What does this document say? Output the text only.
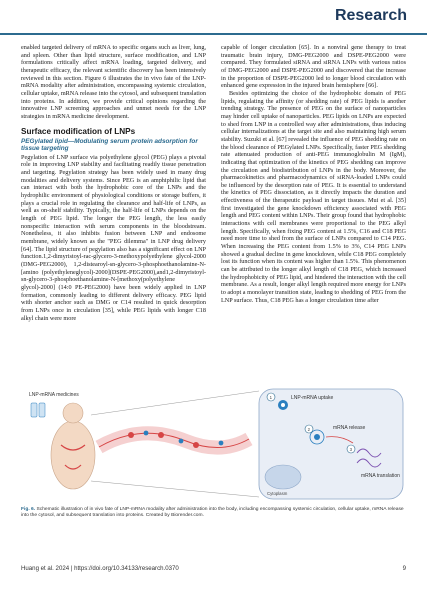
Research

enabled targeted delivery of mRNA to specific organs such as liver, lung, and spleen. Other than lipid structure, surface modification, and LNP formulations critically affect mRNA loading, targeted delivery, and therapeutic efficacy, the relevant scientific discovery has been intensively reviewed in this section. Figure 6 illustrates the in vivo fate of the LNP-mRNA modality after administration, encompassing systemic circulation, cellular uptake, mRNA release into the cytosol, and subsequent translation into proteins. In addition, we provide critical opinions regarding the innovative LNP screening approaches and unmet needs for the LNP strategies in mRNA medicine development.

Surface modification of LNPs
PEGylated lipid—Modulating serum protein adsorption for tissue targeting

Pegylation of LNP surface via polyethylene glycol (PEG) plays a pivotal role in improving LNP stability and facilitating readily tissue penetration and targeting. Pegylation strategy has been widely used in many drug modalities and delivery systems. Since PEG is an amphiphilic lipid that can interact with both the hydrophobic core of the LNPs and the hydrophilic environment of physiological conditions or storage buffers, it plays a crucial role in regulating the clearance and half-life of LNPs, as well as on-shelf stability. Typically, the half-life of LNPs depends on the length of PEG lipid. The longer the PEG length, the less easily nonspecific interaction with serum components in the bloodstream. Nonetheless, it also inhibits fusion between LNP and endosome membrane, widely known as the "PEG dilemma" in LNP drug delivery [64]. The lipid structure of pegylation also has a significant effect on LNP function.1,2-dimyristoyl-rac-glycero-3-methoxypolyethylene glycol-2000 (DMG-PEG2000), 1,2-distearoyl-sn-glycero-3-phosphoethanolamine-N-[amino (polyethyleneglycol)-2000](DSPE-PEG2000),and1,2-dimyristoyl-sn-glycero-3-phosphoethanolamine-N-[methoxy(polyethylene glycol)-2000] (14:0 PE-PEG2000) have been widely applied in LNP formation, commonly leading to different delivery efficacy. PEG lipid with shorter anchor such as DMG or C14 resulted in quick desorption from LNPs once in circulation [35], while PEG lipids with longer C18 alkyl chain were more

capable of longer circulation [65]. In a nonviral gene therapy to treat traumatic brain injury, DMG-PEG2000 and DSPE-PEG2000 were compared. They formulated siRNA and siRNA LNPs with various ratios of DMG-PEG2000 and DSPE-PEG2000 and discovered that the increase in the proportion of DSPE-PEG2000 led to longer blood circulation with enhanced gene expression in the injured brain hemisphere [66].

Besides optimizing the choice of the hydrophobic domain of PEG lipids, regulating the affinity (or shedding rate) of PEG lipids is another trending strategy. The presence of PEG on the surface of nanoparticles may hinder cell uptake of nanoparticles. PEG lipids on LNPs are expected to shed from LNP in a controlled way after administrations, thus inducing cellular internalizations at the target site and also maintaining high serum stability. Suzuki et al. [67] revealed the influence of PEG shedding rate on the blood clearance of PEGylated LNPs. Specifically, faster PEG shedding rate attenuated production of anti-PEG immunoglobulin M (IgM), indicating that optimization of the kinetics of PEG shedding can improve the circulation and biodistribution of LNPs in the body. Moreover, the pharmacokinetics and pharmacodynamics of siRNA-loaded LNPs could be influenced by the desorption rate of PEG. It is essential to understand the kinetics of PEG dissociation, as it directly impacts the duration and effectiveness of the therapeutic payload in target tissues. Mui et al. [35] first investigated the gene knockdown efficiency associated with PEG length and PEG content within LNPs. Their group found that hydrophobic interactions with cell membranes were proportional to the PEG alkyl length. Specifically, when fixing PEG content at 1.5%, C16 and C18 PEG need more time to shed from the surface of LNPs compared to C14 PEG. When increasing the PEG content from 1.5% to 3%, C14 PEG LNPs showed a gradual decline in gene knockdown, while C18 PEG completely lost its function when its content was higher than 1.5%. This phenomenon can be attributed to the longer alkyl length of C18 PEG, which increased the hydrophobicity of PEG lipid, and hindered the interaction with the cell membrane. As a result, longer alkyl length required more energy for LNPs to adopt a monolayer transition state, leading to shedding of PEG from the LNP surface. Thus, C18 PEG has a longer circulation time after

LNP-mRNA medicines	1
2
3
LNP-mRNA uptake
mRNA release
mRNA translation
Cytoplasm
Fig. 6. Schematic illustration of in vivo fate of LNP-mRNA modality after administration into the body, including encompassing systemic circulation, cellular uptake, mRNA release into the cytosol, and subsequent translation into proteins. Created by Biorender.com.
Huang et al. 2024 | https://doi.org/10.34133/research.0370	9
